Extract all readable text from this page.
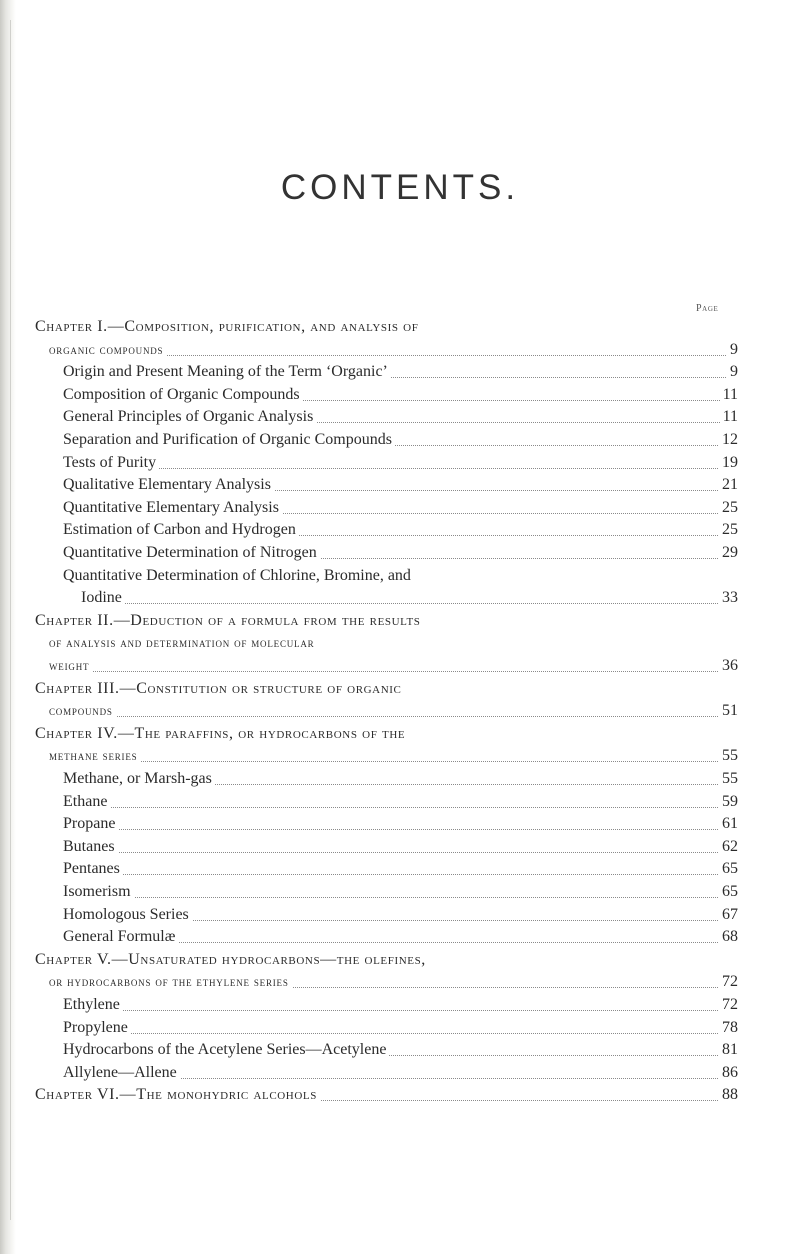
CONTENTS.
Page
Chapter I.—Composition, purification, and analysis of
organic compounds	9
Origin and Present Meaning of the Term ‘Organic’	9
Composition of Organic Compounds	11
General Principles of Organic Analysis	11
Separation and Purification of Organic Compounds	12
Tests of Purity	19
Qualitative Elementary Analysis	21
Quantitative Elementary Analysis	25
Estimation of Carbon and Hydrogen	25
Quantitative Determination of Nitrogen	29
Quantitative Determination of Chlorine, Bromine, and
Iodine	33
Chapter II.—Deduction of a formula from the results
of analysis and determination of molecular
weight	36
Chapter III.—Constitution or structure of organic
compounds	51
Chapter IV.—The paraffins, or hydrocarbons of the
methane series	55
Methane, or Marsh-gas	55
Ethane	59
Propane	61
Butanes	62
Pentanes	65
Isomerism	65
Homologous Series	67
General Formulæ	68
Chapter V.—Unsaturated hydrocarbons—the olefines,
or hydrocarbons of the ethylene series	72
Ethylene	72
Propylene	78
Hydrocarbons of the Acetylene Series—Acetylene	81
Allylene—Allene	86
Chapter VI.—The monohydric alcohols	88
